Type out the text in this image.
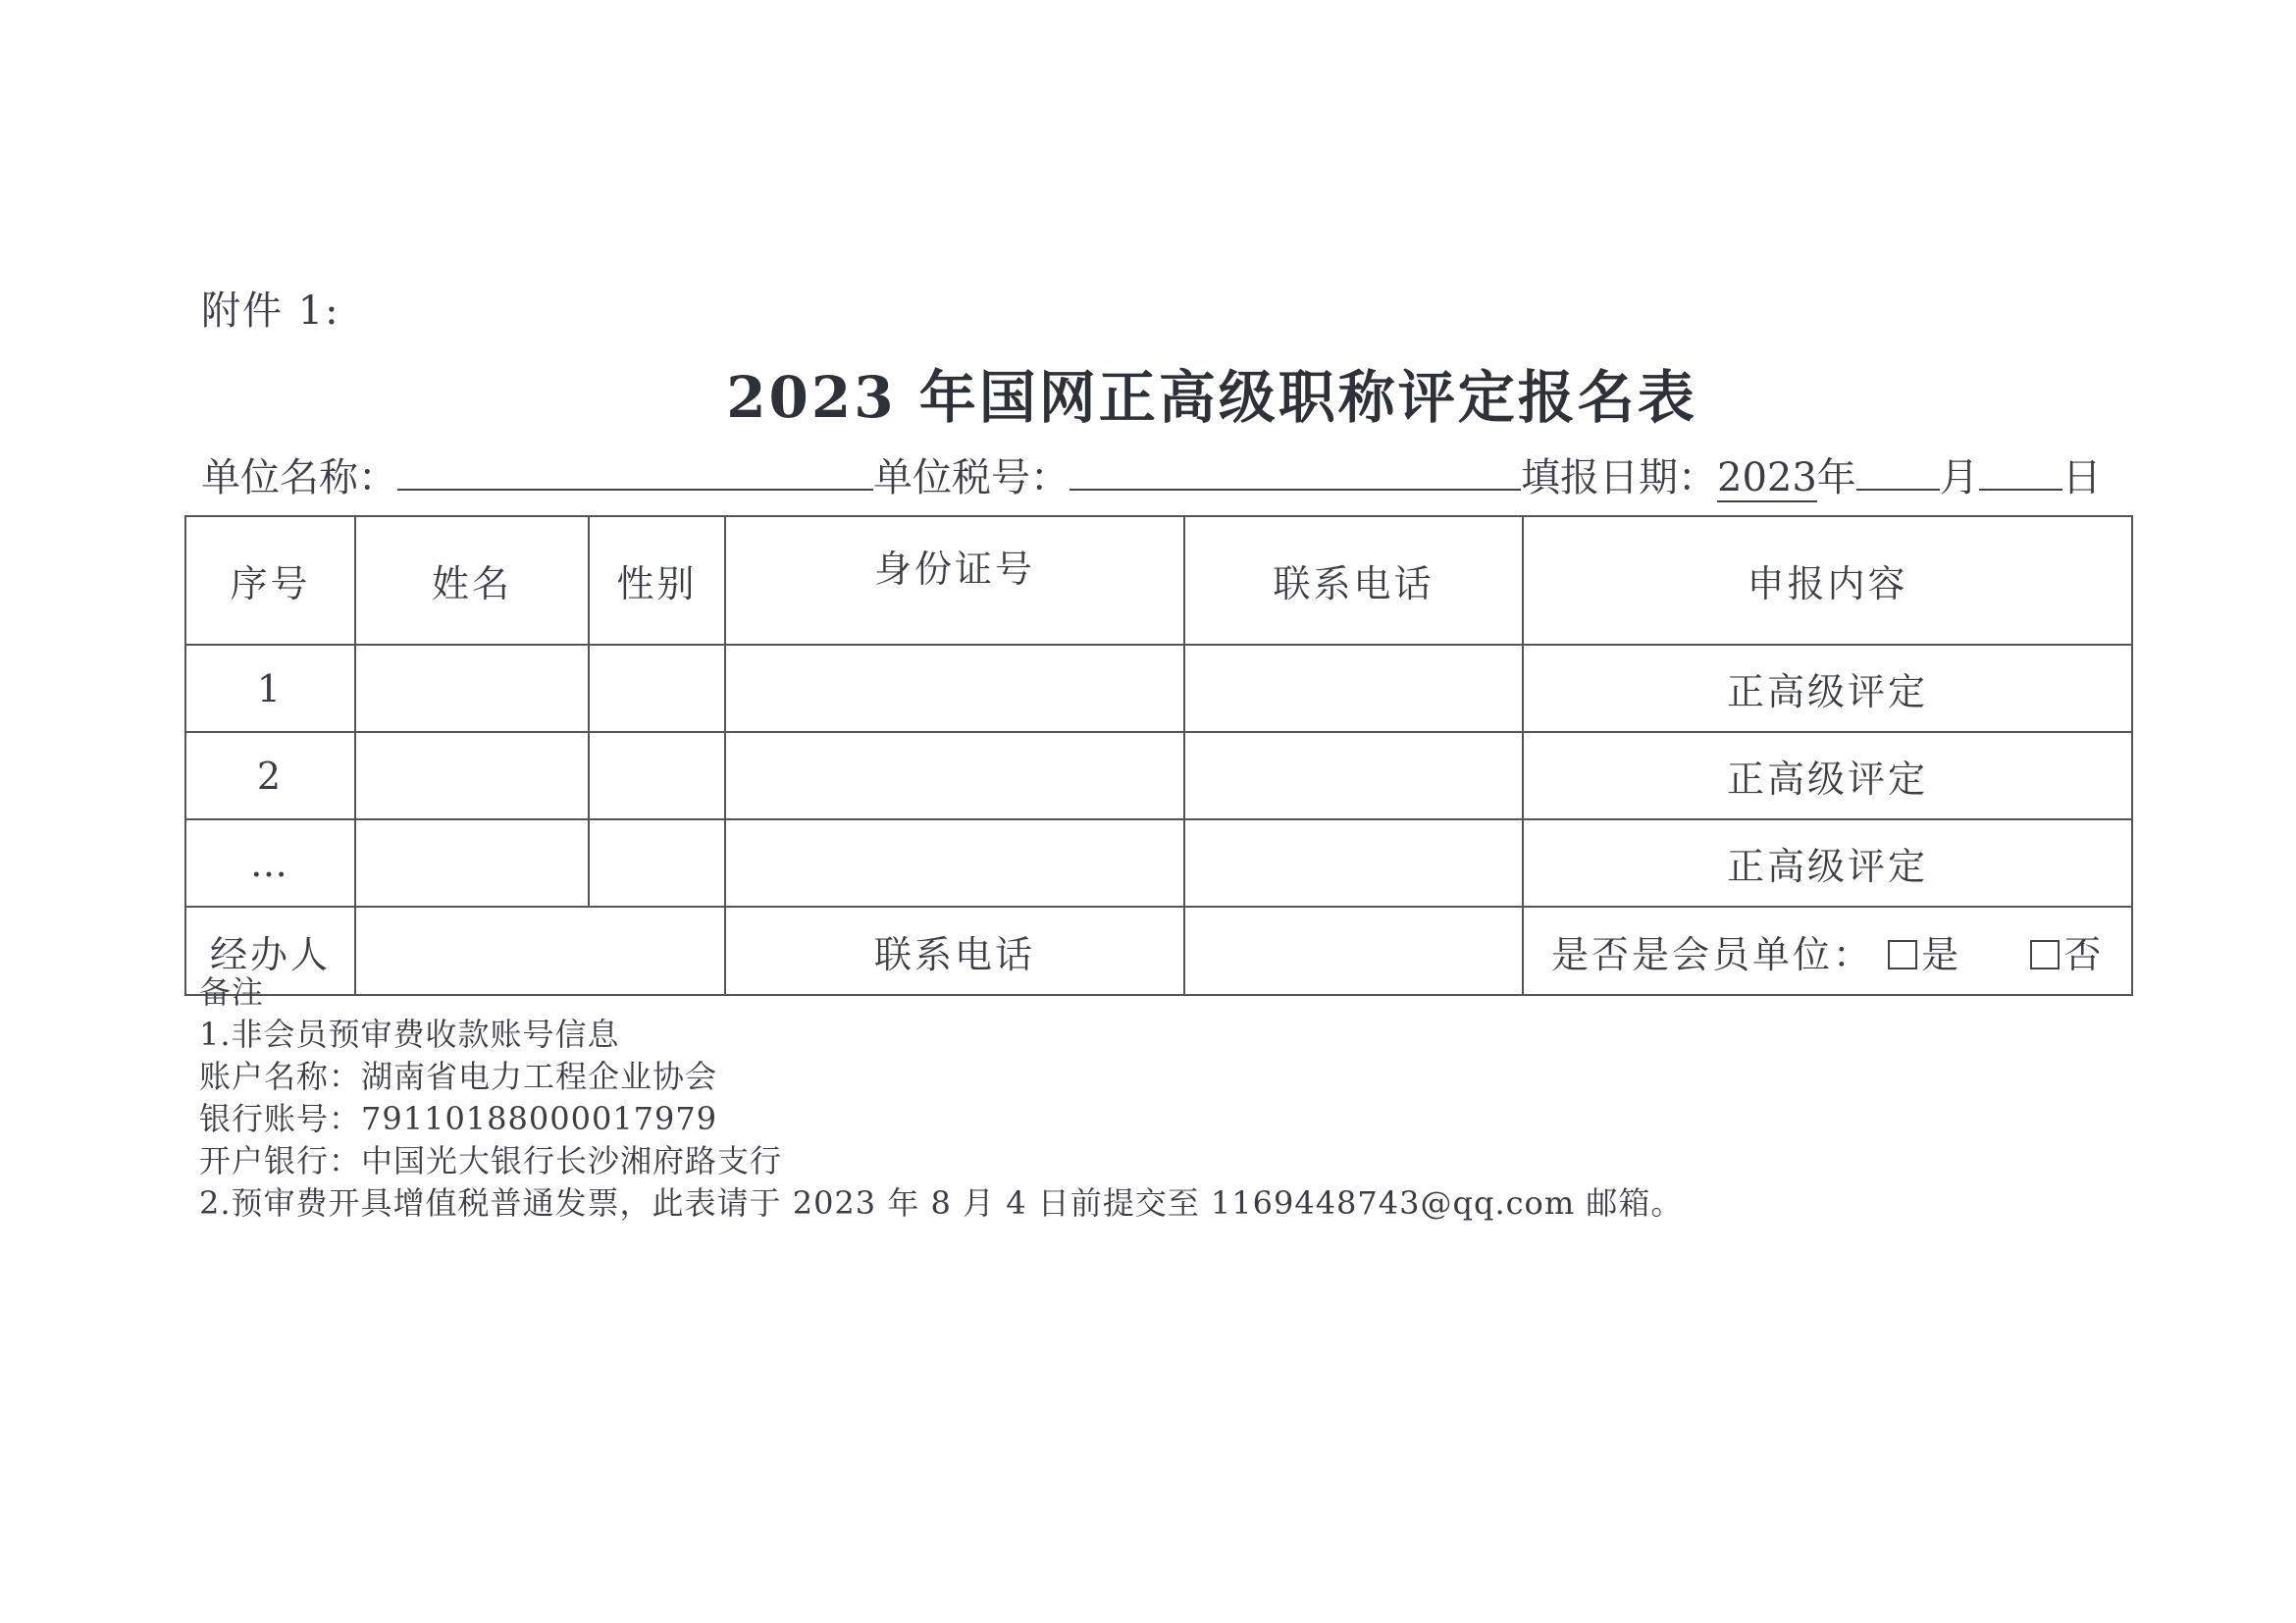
附件 1:
2023 年国网正高级职称评定报名表
单位名称：	单位税号：	填报日期：2023年 月 日
序号	姓名	性别	身份证号	联系电话	申报内容
1					正高级评定
2					正高级评定
…					正高级评定
经办人			联系电话		是否是会员单位： 是 否
备注
1.非会员预审费收款账号信息
账户名称：湖南省电力工程企业协会
银行账号：79110188000017979
开户银行：中国光大银行长沙湘府路支行
2.预审费开具增值税普通发票，此表请于 2023 年 8 月 4 日前提交至 1169448743@qq.com 邮箱。
